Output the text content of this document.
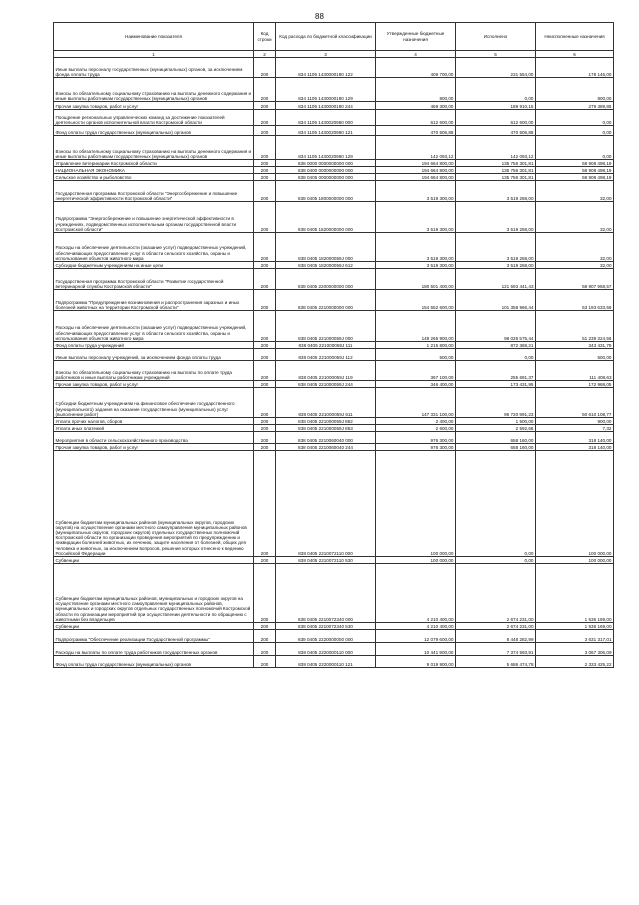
88
Наименование показателя	Код строки	Код расхода по бюджетной классификации	Утвержденные бюджетные назначения	Исполнено	Неисполненные назначения
1	2	3	4	5	6
Иные выплаты персоналу государственных (муниципальных) органов, за исключением фонда оплаты труда	200	834 1105 1430000190 122	409 700,00	231 554,00	178 146,00
Взносы по обязательному социальному страхованию на выплаты денежного содержания и иные выплаты работникам государственных (муниципальных) органов	200	834 1105 1430000190 129	800,00	0,00	800,00
Прочая закупка товаров, работ и услуг	200	834 1105 1430000190 244	469 300,00	189 910,15	279 389,85
Поощрение региональных управленческих команд за достижение показателей деятельности органов исполнительной власти Костромской области	200	834 1105 1430020960 000	612 600,00	612 600,00	0,00
Фонд оплаты труда государственных (муниципальных) органов	200	834 1105 1430020960 121	470 506,88	470 506,88	0,00
Взносы по обязательному социальному страхованию на выплаты денежного содержания и иные выплаты работникам государственных (муниципальных) органов	200	834 1105 1430020960 129	142 093,12	142 093,12	0,00
Управление ветеринарии Костромской области	200	838 0000 0000000000 000	194 664 800,00	135 756 301,81	58 908 498,19
НАЦИОНАЛЬНАЯ ЭКОНОМИКА	200	838 0400 0000000000 000	194 664 800,00	135 756 301,81	58 908 498,19
Сельское хозяйство и рыболовство	200	838 0405 0000000000 000	194 664 800,00	135 756 301,81	58 908 498,19
Государственная программа Костромской области "Энергосбережение и повышение энергетической эффективности Костромской области"	200	838 0405 1800000000 000	3 519 300,00	3 519 268,00	32,00
Подпрограмма "Энергосбережение и повышение энергетической эффективности в учреждениях, подведомственных исполнительным органам государственной власти Костромской области"	200	838 0405 1820000000 000	3 519 300,00	3 519 268,00	32,00
Расходы на обеспечение деятельности (оказание услуг) подведомственных учреждений, обеспечивающих предоставление услуг в области сельского хозяйства, охраны и использования объектов животного мира	200	838 0405 182000059J 000	3 519 300,00	3 519 268,00	32,00
Субсидии бюджетным учреждениям на иные цели	200	838 0405 182000059J 612	3 519 300,00	3 519 268,00	32,00
Государственная программа Костромской области "Развитие государственной ветеринарной службы Костромской области"	200	838 0405 2200000000 000	180 501 400,00	121 593 441,43	58 907 958,57
Подпрограмма "Предупреждение возникновения и распространения заразных и иных болезней животных на территории Костромской области"	200	838 0405 2210000000 000	154 552 600,00	101 358 966,44	53 193 633,56
Расходы на обеспечение деятельности (оказание услуг) подведомственных учреждений, обеспечивающих предоставление услуг в области сельского хозяйства, охраны и использования объектов животного мира	200	838 0405 221000059J 000	149 265 900,00	98 026 575,44	51 239 324,56
Фонд оплаты труда учреждений	200	838 0405 221000059J 111	1 215 800,00	872 368,21	343 431,79
Иные выплаты персоналу учреждений, за исключением фонда оплаты труда	200	838 0405 221000059J 112	500,00	0,00	500,00
Взносы по обязательному социальному страхованию на выплаты по оплате труда работников и иные выплаты работникам учреждений	200	838 0405 221000059J 119	367 100,00	255 691,37	111 408,63
Прочая закупка товаров, работ и услуг	200	838 0405 221000059J 244	346 400,00	173 431,95	172 968,05
Субсидии бюджетным учреждениям на финансовое обеспечение государственного (муниципального) задания на оказание государственных (муниципальных) услуг (выполнение работ)	200	838 0405 221000059J 611	147 331 100,00	96 720 991,23	50 610 108,77
Уплата прочих налогов, сборов	200	838 0405 221000059J 852	2 400,00	1 500,00	900,00
Уплата иных платежей	200	838 0405 221000059J 853	2 600,00	2 592,68	7,32
Мероприятия в области сельскохозяйственного производства	200	838 0405 2210060040 000	976 300,00	658 160,00	318 140,00
Прочая закупка товаров, работ и услуг	200	838 0405 2210060040 244	976 300,00	658 160,00	318 140,00
Субвенции бюджетам муниципальных районов (муниципальных округов, городских округов) на осуществление органами местного самоуправления муниципальных районов (муниципальных округов, городских округов) отдельных государственных полномочий Костромской области по организации проведения мероприятий по предупреждению и ликвидации болезней животных, их лечению, защите населения от болезней, общих для человека и животных, за исключением вопросов, решение которых отнесено к ведению Российской Федерации	200	838 0405 2210072110 000	100 000,00	0,00	100 000,00
Субвенции	200	838 0405 2210072110 530	100 000,00	0,00	100 000,00
Субвенции бюджетам муниципальных районов, муниципальных и городских округов на осуществление органами местного самоуправления муниципальных районов, муниципальных и городских округов отдельных государственных полномочий Костромской области по организации мероприятий при осуществлении деятельности по обращению с животными без владельцев	200	838 0405 2210072340 000	4 210 400,00	2 674 231,00	1 536 169,00
Субвенции	200	838 0405 2210072340 530	4 210 400,00	2 674 231,00	1 536 169,00
Подпрограмма "Обеспечение реализации Государственной программы"	200	838 0405 2220000000 000	12 079 600,00	8 448 282,99	3 631 317,01
Расходы на выплаты по оплате труда работников государственных органов	200	838 0405 2220000110 000	10 441 900,00	7 374 593,91	3 067 306,09
Фонд оплаты труда государственных (муниципальных) органов	200	838 0405 2220000110 121	8 019 900,00	5 686 474,78	2 333 425,22
